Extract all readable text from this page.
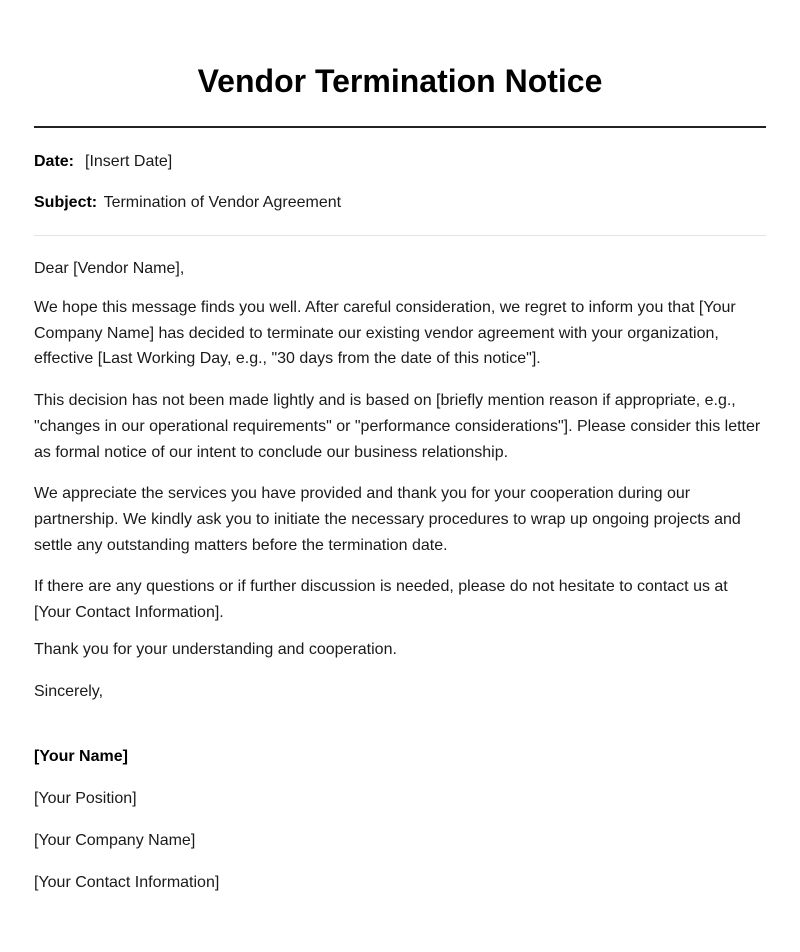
Vendor Termination Notice

Date: [Insert Date]

Subject: Termination of Vendor Agreement

Dear [Vendor Name],

We hope this message finds you well. After careful consideration, we regret to inform you that [Your Company Name] has decided to terminate our existing vendor agreement with your organization, effective [Last Working Day, e.g., "30 days from the date of this notice"].

This decision has not been made lightly and is based on [briefly mention reason if appropriate, e.g., "changes in our operational requirements" or "performance considerations"]. Please consider this letter as formal notice of our intent to conclude our business relationship.

We appreciate the services you have provided and thank you for your cooperation during our partnership. We kindly ask you to initiate the necessary procedures to wrap up ongoing projects and settle any outstanding matters before the termination date.

If there are any questions or if further discussion is needed, please do not hesitate to contact us at [Your Contact Information].

Thank you for your understanding and cooperation.

Sincerely,

[Your Name]

[Your Position]

[Your Company Name]

[Your Contact Information]
